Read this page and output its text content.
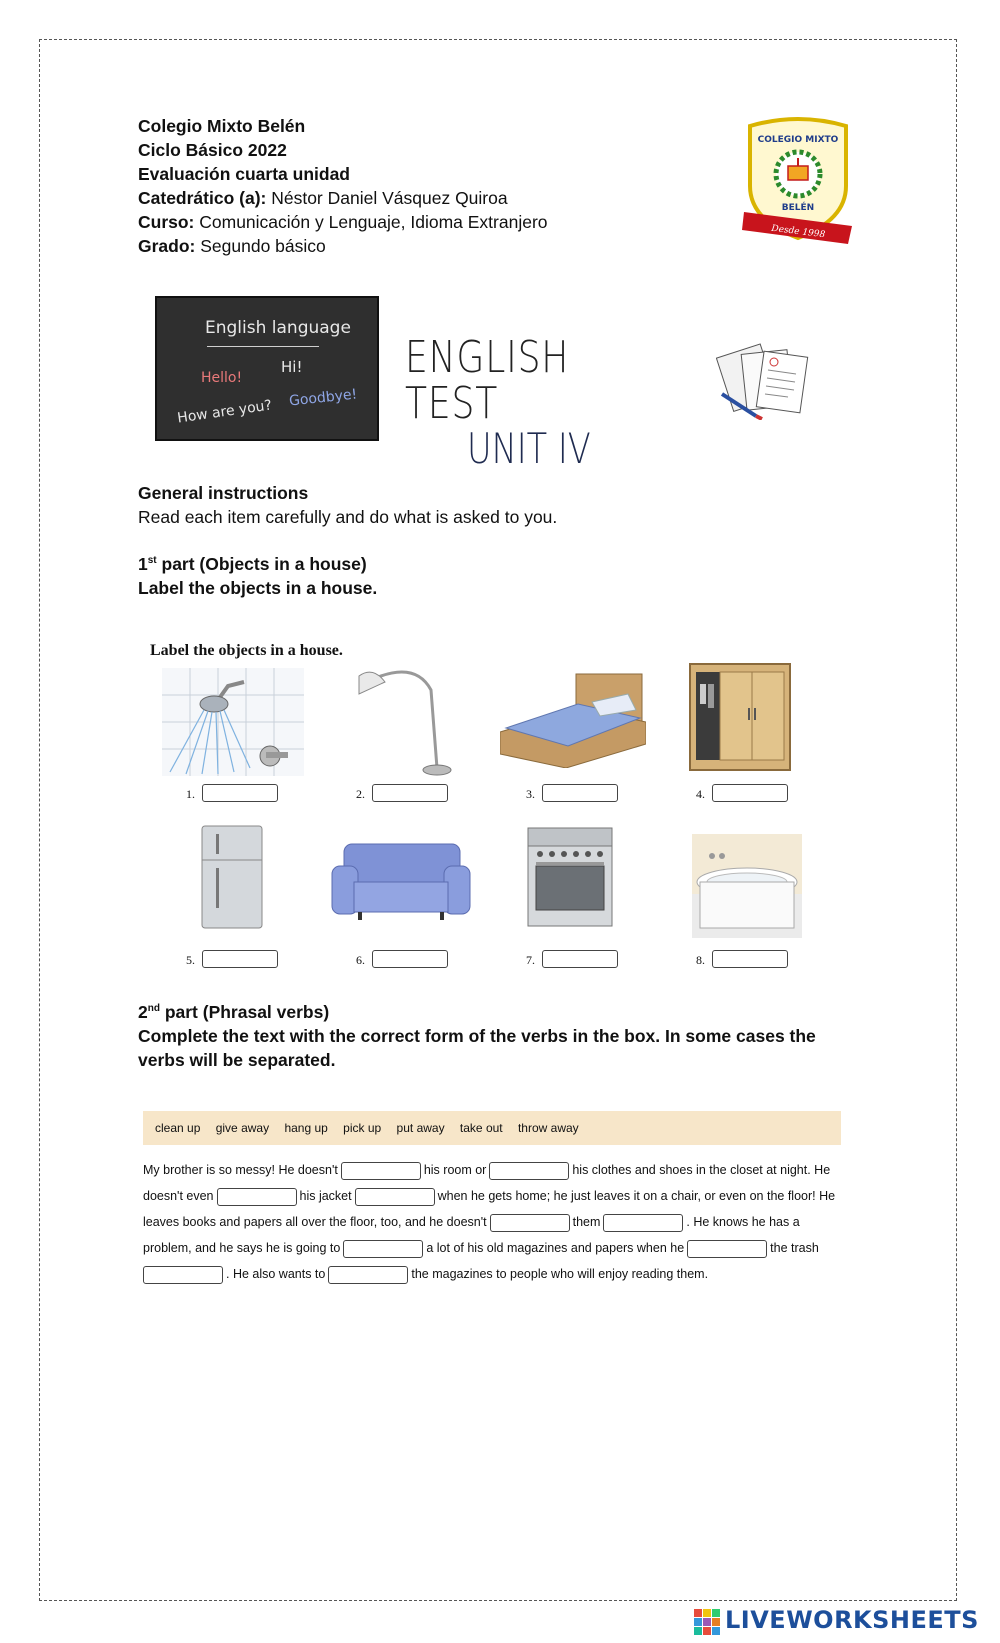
Colegio Mixto Belén
Ciclo Básico 2022
Evaluación cuarta unidad
Catedrático (a): Néstor Daniel Vásquez Quiroa
Curso: Comunicación y Lenguaje, Idioma Extranjero
Grado: Segundo básico
COLEGIO MIXTO
BELÉN
Desde 1998
English language
Hi!
Hello!
Goodbye!
How are you?
ENGLISH TEST
UNIT IV
General instructions
Read each item carefully and do what is asked to you.
1st part (Objects in a house)
Label the objects in a house.
Label the objects in a house.
1.	2.	3.	4.
5.	6.	7.	8.
2nd part (Phrasal verbs)
Complete the text with the correct form of the verbs in the box. In some cases the
verbs will be separated.
clean up give away hang up pick up put away take out throw away
My brother is so messy! He doesn't	his room or	his clothes and shoes in the closet at night. He
doesn't even	his jacket	when he gets home; he just leaves it on a chair, or even on the floor! He
leaves books and papers all over the floor, too, and he doesn't	them	. He knows he has a
problem, and he says he is going to	a lot of his old magazines and papers when he	the trash
. He also wants to	the magazines to people who will enjoy reading them.
LIVEWORKSHEETS
